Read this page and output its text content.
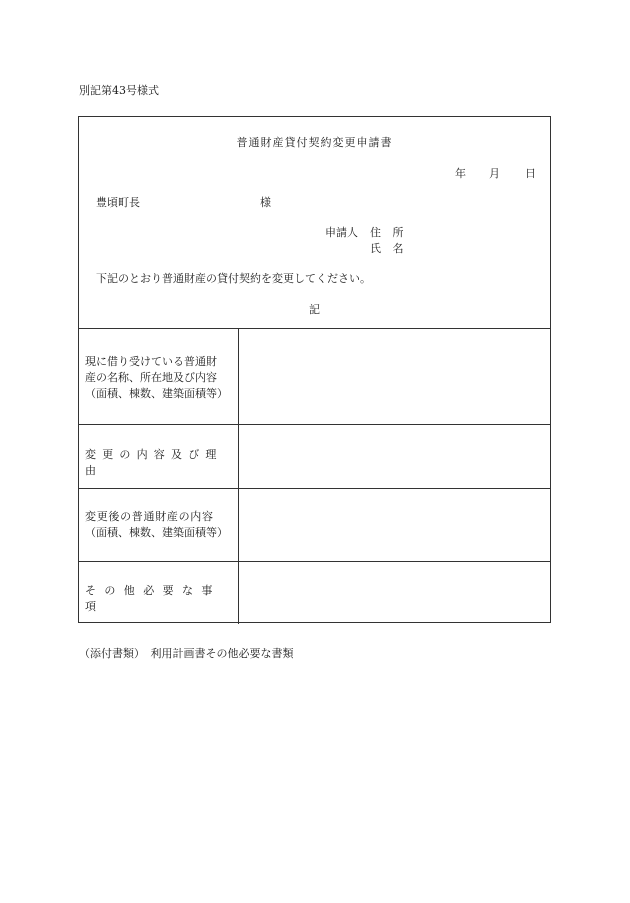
別記第43号様式
普通財産貸付契約変更申請書
年 月 日
豊頃町長	様
申請人 住 所
氏 名
下記のとおり普通財産の貸付契約を変更してください。
記
現に借り受けている普通財
産の名称、所在地及び内容
（面積、棟数、建築面積等）
変更の内容及び理由
変更後の普通財産の内容
（面積、棟数、建築面積等）
その他必要な事項
（添付書類）　利用計画書その他必要な書類
